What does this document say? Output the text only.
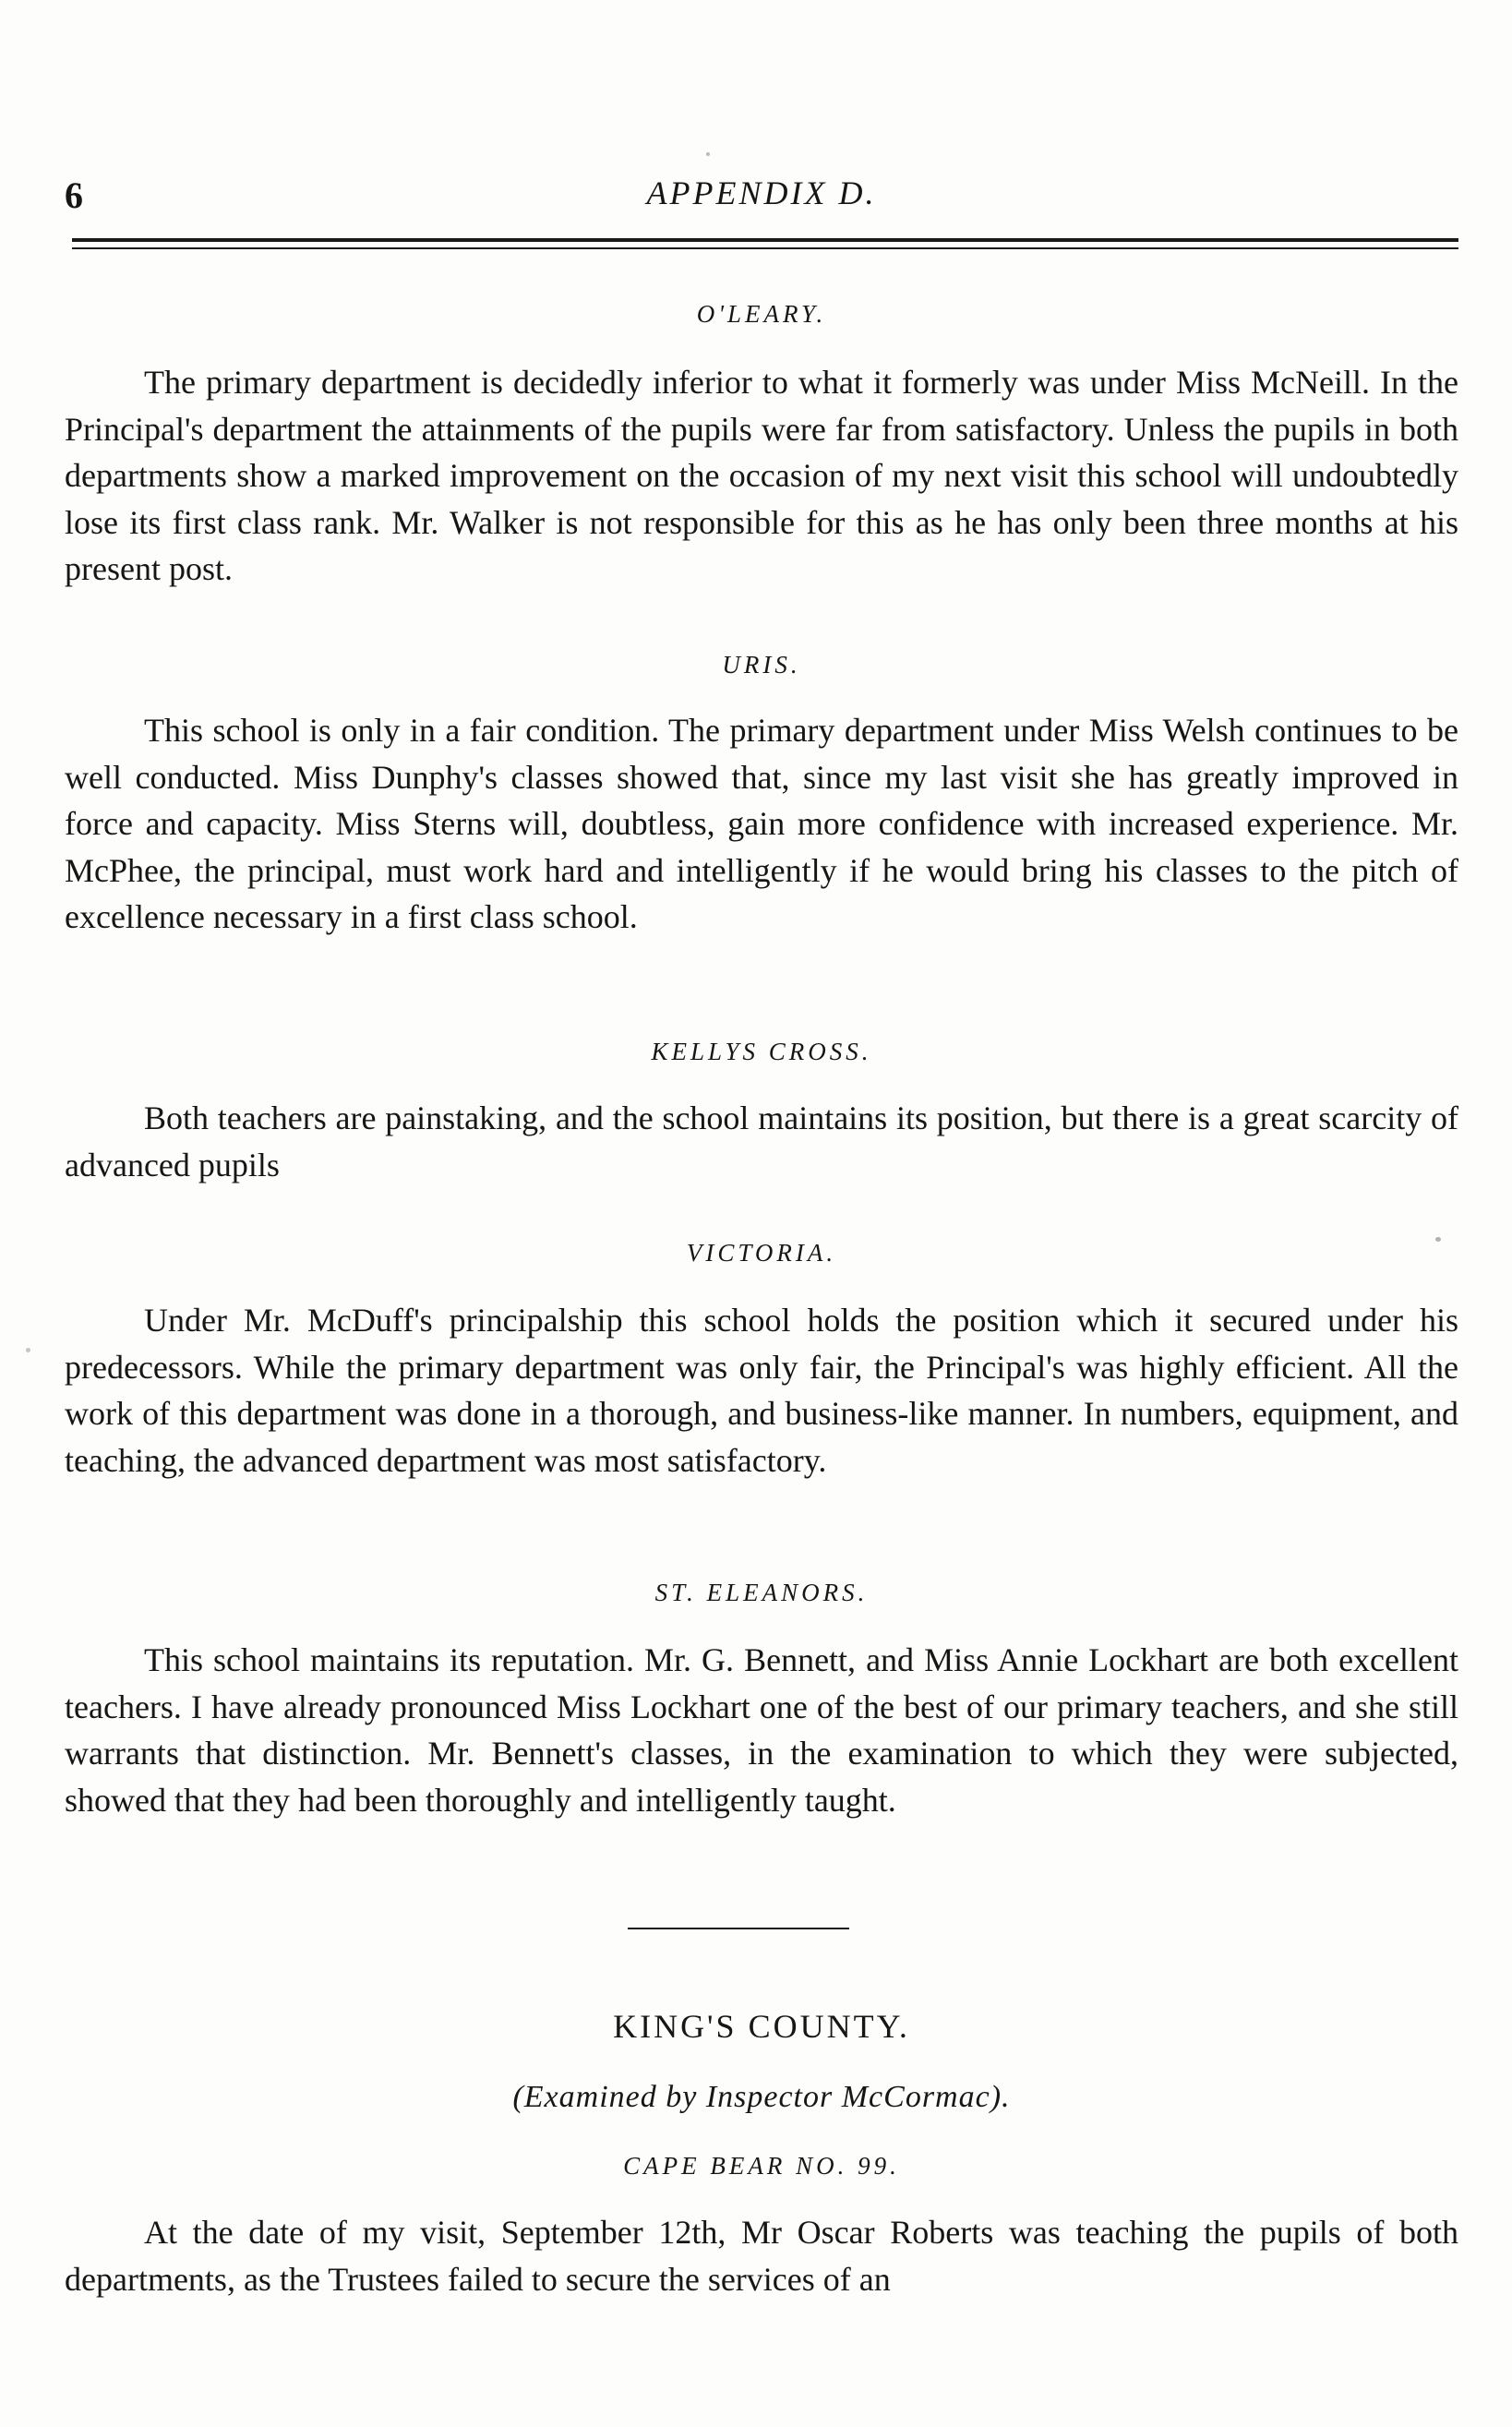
6	APPENDIX D.
O'LEARY.

The primary department is decidedly inferior to what it formerly was under Miss McNeill. In the Principal's department the attainments of the pupils were far from satisfactory. Unless the pupils in both departments show a marked improvement on the occasion of my next visit this school will undoubtedly lose its first class rank. Mr. Walker is not responsible for this as he has only been three months at his present post.

URIS.

This school is only in a fair condition. The primary department under Miss Welsh continues to be well conducted. Miss Dunphy's classes showed that, since my last visit she has greatly improved in force and capacity. Miss Sterns will, doubtless, gain more confidence with increased experience. Mr. McPhee, the principal, must work hard and intelligently if he would bring his classes to the pitch of excellence necessary in a first class school.

KELLYS CROSS.

Both teachers are painstaking, and the school maintains its position, but there is a great scarcity of advanced pupils

VICTORIA.

Under Mr. McDuff's principalship this school holds the position which it secured under his predecessors. While the primary department was only fair, the Principal's was highly efficient. All the work of this department was done in a thorough, and business-like manner. In numbers, equipment, and teaching, the advanced department was most satisfactory.

ST. ELEANORS.

This school maintains its reputation. Mr. G. Bennett, and Miss Annie Lockhart are both excellent teachers. I have already pronounced Miss Lockhart one of the best of our primary teachers, and she still warrants that distinction. Mr. Bennett's classes, in the examination to which they were subjected, showed that they had been thoroughly and intelligently taught.

KING'S COUNTY.
(Examined by Inspector McCormac).
CAPE BEAR NO. 99.

At the date of my visit, September 12th, Mr Oscar Roberts was teaching the pupils of both departments, as the Trustees failed to secure the services of an
